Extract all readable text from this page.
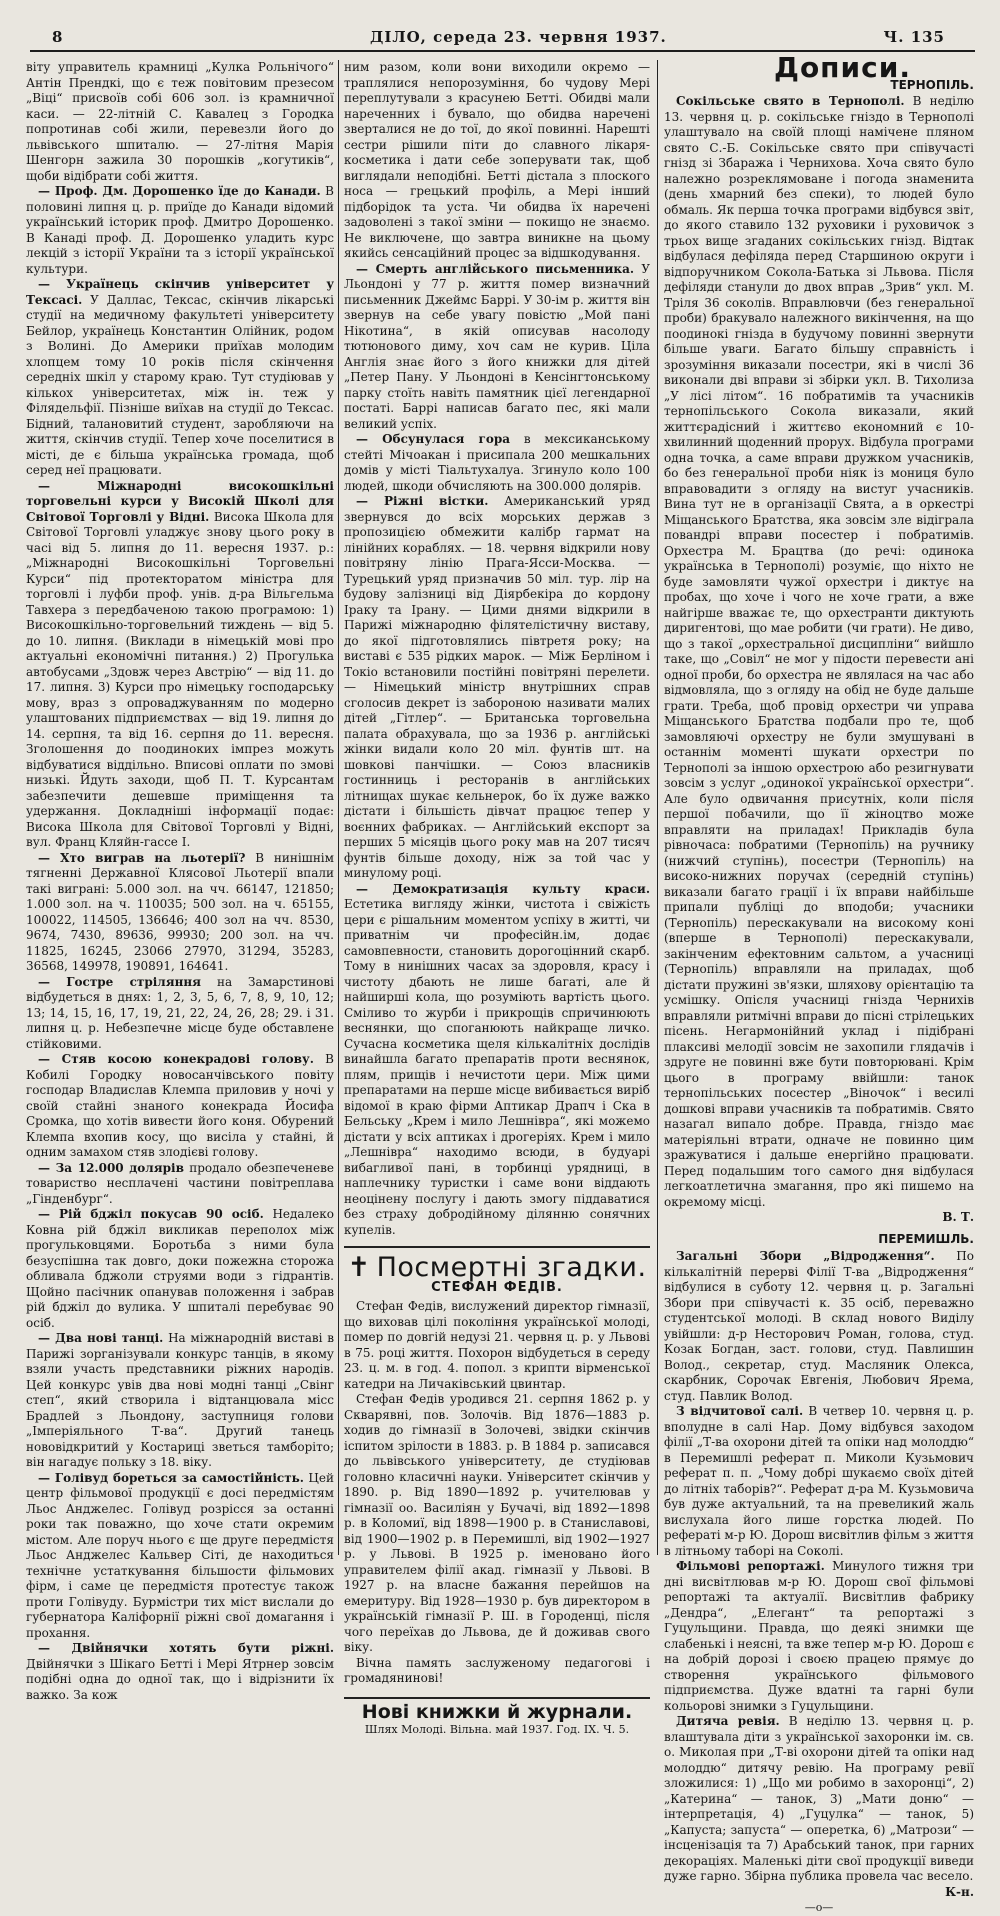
8	ДІЛО, середа 23. червня 1937.	Ч. 135

віту управитель крамниці „Кулка Рольнічого“ Антін Прендкі, що є теж повітовим презесом „Віці“ присвоїв собі 606 зол. із крамничної каси. — 22-літній С. Кавалец з Городка попротинав собі жили, перевезли його до львівського шпиталю. — 27-літня Марія Шенгорн зажила 30 порошків „когутиків“, щоби відібрати собі життя.

— Проф. Дм. Дорошенко їде до Канади. В половині липня ц. р. приїде до Канади відомий український історик проф. Дмитро Дорошенко. В Канаді проф. Д. Дорошенко уладить курс лекцій з історії України та з історії української культури.

— Українець скінчив університет у Тексасі. У Даллас, Тексас, скінчив лікарські студії на медичному факультеті університету Бейлор, українець Константин Олійник, родом з Волині. До Америки приїхав молодим хлопцем тому 10 років після скінчення середніх шкіл у старому краю. Тут студіював у кількох університетах, між ін. теж у Філядельфії. Пізніше виїхав на студії до Тексас. Бідний, талановитий студент, заробляючи на життя, скінчив студії. Тепер хоче поселитися в місті, де є більша українська громада, щоб серед неї працювати.

— Міжнародні високошкільні торговельні курси у Високій Школі для Світової Торговлі у Відні. Висока Школа для Світової Торговлі уладжує знову цього року в часі від 5. липня до 11. вересня 1937. р.: „Міжнародні Високошкільні Торговельні Курси“ під протекторатом міністра для торговлі і луфби проф. унів. д-ра Вільгельма Тавхера з передбаченою такою програмою: 1) Високошкільно-торговельний тиждень — від 5. до 10. липня. (Виклади в німецькій мові про актуальні економічні питання.) 2) Прогулька автобусами „Здовж через Австрію“ — від 11. до 17. липня. 3) Курси про німецьку господарську мову, враз з опроваджуванням по модерно улаштованих підприємствах — від 19. липня до 14. серпня, та від 16. серпня до 11. вересня. Зголошення до поодиноких імпрез можуть відбуватися віддільно. Вписові оплати по змові низькі. Йдуть заходи, щоб П. Т. Курсантам забезпечити дешевше приміщення та удержання. Докладніші інформації подає: Висока Школа для Світової Торговлі у Відні, вул. Франц Кляйн-гассе І.

— Хто виграв на льотерії? В нинішнім тягненні Державної Клясової Льотерії впали такі виграні: 5.000 зол. на чч. 66147, 121850; 1.000 зол. на ч. 110035; 500 зол. на ч. 65155, 100022, 114505, 136646; 400 зол на чч. 8530, 9674, 7430, 89636, 99930; 200 зол. на чч. 11825, 16245, 23066 27970, 31294, 35283, 36568, 149978, 190891, 164641.

— Гостре стріляння на Замарстинові відбудеться в днях: 1, 2, 3, 5, 6, 7, 8, 9, 10, 12; 13; 14, 15, 16, 17, 19, 21, 22, 24, 26, 28; 29. і 31. липня ц. р. Небезпечне місце буде обставлене стійковими.

— Стяв косою конекрадові голову. В Кобилі Городку новосанчівського повіту господар Владислав Клемпа приловив у ночі у своїй стайні знаного конекрада Йосифа Сромка, що хотів вивести його коня. Обурений Клемпа вхопив косу, що висіла у стайні, й одним замахом стяв злодієві голову.

— За 12.000 долярів продало обезпеченеве товариство несплачені частини повітреплава „Гінденбург“.

— Рій бджіл покусав 90 осіб. Недалеко Ковна рій бджіл викликав переполох між прогульковцями. Боротьба з ними була безуспішна так довго, доки пожежна сторожа обливала бджоли струями води з гідрантів. Щойно пасічник опанував положення і забрав рій бджіл до вулика. У шпиталі перебуває 90 осіб.

— Два нові танці. На міжнародній виставі в Парижі зорганізували конкурс танців, в якому взяли участь представники ріжних народів. Цей конкурс увів два нові модні танці „Свінг степ“, який створила і відтанцювала місс Брадлей з Льондону, заступниця голови „Імперіяльного Т-ва“. Другий танець нововідкритий у Костариці зветься тамборіто; він нагадує польку з 18. віку.

— Голівуд бореться за самостійність. Цей центр фільмової продукції є досі передмістям Льос Анджелес. Голівуд розрісся за останні роки так поважно, що хоче стати окремим містом. Але поруч нього є ще друге передмістя Льос Анджелес Кальвер Сіті, де находиться технічне устаткування більшости фільмових фірм, і саме це передмістя протестує також проти Голівуду. Бурмістри тих міст вислали до губернатора Каліфорнії ріжні свої домагання і прохання.

— Двійнячки хотять бути ріжні. Двійнячки з Шікаго Бетті і Мері Ятрнер зовсім подібні одна до одної так, що і відрізнити їх важко. За кож

ним разом, коли вони виходили окремо — траплялися непорозуміння, бо чудову Мері переплутували з красунею Бетті. Обидві мали нареченних і бувало, що обидва наречені зверталися не до тої, до якої повинні. Нарешті сестри рішили піти до славного лікаря-косметика і дати себе зоперувати так, щоб виглядали неподібні. Беттi дістала з плоского носа — грецький профіль, а Мері інший підборідок та уста. Чи обидва їх наречені задоволені з такої зміни — покищо не знаємо. Не виключене, що завтра виникне на цьому якийсь сенсаційний процес за відшкодування.

— Смерть англійського письменника. У Льондоні у 77 р. життя помер визначний письменник Джеймс Баррі. У 30-ім р. життя він звернув на себе увагу повістю „Мой пані Нікотина“, в якій описував насолоду тютюнового диму, хоч сам не курив. Ціла Англія знає його з його книжки для дітей „Петер Пану. У Льондоні в Кенсінгтонському парку стоїть навіть памятник цієї легендарної постаті. Баррі написав багато пес, які мали великий успіх.

— Обсунулася гора в мексиканському стейті Мічоакан і присипала 200 мешкальних домів у місті Тіальтухалуа. Згинуло коло 100 людей, шкоди обчисляють на 300.000 долярів.

— Ріжні вістки. Американський уряд звернувся до всіх морських держав з пропозицією обмежити калібр гармат на лінійних кораблях. — 18. червня відкрили нову повітряну лінію Прага-Ясси-Москва. — Турецький уряд призначив 50 міл. тур. лір на будову залізниці від Діярбекіра до кордону Іраку та Ірану. — Цими днями відкрили в Парижі міжнародню філятелістичну виставу, до якої підготовлялись півтретя року; на виставі є 535 рідких марок. — Між Берліном і Токіо встановили постійні повітряні перелети. — Німецький міністр внутрішних справ сголосив декрет із забороною називати малих дітей „Гітлер“. — Британська торговельна палата обрахувала, що за 1936 р. англійські жінки видали коло 20 міл. фунтів шт. на шовкові панчішки. — Союз власників гостинниць і ресторанів в англійських літнищах шукає кельнерок, бо їх дуже важко дістати і більшість дівчат працює тепер у воєнних фабриках. — Англійський експорт за перших 5 місяців цього року мав на 207 тисяч фунтів більше доходу, ніж за той час у минулому році.

— Демократизація культу краси. Естетика вигляду жінки, чистота і свіжість цери є рішальним моментом успіху в житті, чи приватнім чи професійн.ім, додає самовпевности, становить дорогоцінний скарб. Тому в нинішних часах за здоровля, красу і чистоту дбають не лише багаті, але й найширші кола, що розуміють вартість цього. Сміливо то журби і прикрощів спричинюють веснянки, що споганюють найкраще личко. Сучасна косметика щеля кількалітніх дослідів винайшла багато препаратів проти веснянок, плям, прищів і нечистоти цери. Між цими препаратами на перше місце вибивається виріб відомої в краю фірми Аптикар Драпч і Ска в Бельську „Крем і мило Лешнівра“, які можемо дістати у всіх аптиках і дрогеріях. Крем і мило „Лешнівра“ находимо всюди, в будуарі вибагливої пані, в торбинці урядниці, в наплечнику туристки і саме вони віддають неоцінену послугу і дають змогу піддаватися без страху добродійному ділянню сонячних купелів.

✝ Посмертні згадки.
СТЕФАН ФЕДІВ.

Стефан Федів, вислужений директор гімназії, що виховав цілі покоління української молоді, помер по довгій недузі 21. червня ц. р. у Львові в 75. році життя. Похорон відбудеться в середу 23. ц. м. в год. 4. попол. з крипти вірменської катедри на Личаківський цвинтар.

Стефан Федів уродився 21. серпня 1862 р. у Скварявні, пов. Золочів. Від 1876—1883 р. ходив до гімназії в Золочеві, звідки скінчив іспитом зрілости в 1883. р. В 1884 р. записався до львівського університету, де студіював головно класичні науки. Університет скінчив у 1890. р. Від 1890—1892 р. учителював у гімназії оо. Василіян у Бучачі, від 1892—1898 р. в Коломиї, від 1898—1900 р. в Станиславові, від 1900—1902 р. в Перемишлі, від 1902—1927 р. у Львові. В 1925 р. іменовано його управителем філії акад. гімназії у Львові. В 1927 р. на власне бажання перейшов на емеритуру. Від 1928—1930 р. був директором в українській гімназії Р. Ш. в Городенці, після чого переїхав до Львова, де й доживав свого віку.

Вічна память заслуженому педагогові і громадянинові!

Нові книжки й журнали.
Шлях Молоді. Вільна. май 1937. Год. IX. Ч. 5.
Дописи.
ТЕРНОПІЛЬ.

Сокільське свято в Тернополі. В неділю 13. червня ц. р. сокільське гніздо в Тернополі улаштувало на своїй площі намічене пляном свято С.-Б. Сокільське свято при співучасті гнізд зі Збаража і Чернихова. Хоча свято було належно розреклямоване і погода знаменита (день хмарний без спеки), то людей було обмаль. Як перша точка програми відбувся звіт, до якого ставило 132 руховики і руховичок з трьох вище згаданих сокільських гнізд. Відтак відбулася дефіляда перед Старшиною округи і відпоручником Сокола-Батька зі Львова. Після дефіляди станули до двох вправ „Зрив“ укл. М. Тріля 36 соколів. Вправлювчи (без генеральної проби) бракувало належного викінчення, на що поодинокі гнізда в будучому повинні звернути більше уваги. Багато більшу справність і зрозуміння виказали посестри, які в числі 36 виконали дві вправи зі збірки укл. В. Тихолиза „У лісі літом“. 16 побратимів та учасників тернопільського Сокола виказали, який життєрадісний і життєво економний є 10-хвилинний щоденний прорух. Відбула програми одна точка, а саме вправи дружком учасників, бо без генеральної проби ніяк із мониця було вправовадити з огляду на вистуг учасників. Вина тут не в організації Свята, а в оркестрі Міщанського Братства, яка зовсім зле відіграла повандрі вправи посестер і побратимів. Орхестра М. Брацтва (до речі: одинока українська в Тернополі) розуміє, що ніхто не буде замовляти чужої орхестри і диктує на пробах, що хоче і чого не хоче грати, а вже найгірше вважає те, що орхестранти диктують диригентові, що мае робити (чи грати). Не диво, що з такої „орхестральної дисципліни“ вийшло таке, що „Совіл“ не мог у підости перевести ані одної проби, бо орхестра не являлася на час або відмовляла, що з огляду на обід не буде дальше грати. Треба, щоб провід орхестри чи управа Міщанського Братства подбали про те, щоб замовляючі орхестру не були змушувані в останнім моменті шукати орхестри по Тернополі за іншою орхестрою або резигнувати зовсім з услуг „одинокої української орхестри“. Але було одвичання присутніх, коли після першої побачили, що її жіноцтво може вправляти на приладах! Прикладів була рівночаса: побратими (Тернопіль) на ручнику (нижчий ступінь), посестри (Тернопіль) на високо-нижних поручах (середній ступінь) виказали багато грації і їх вправи найбільше припали публіці до вподоби; учасники (Тернопіль) перескакували на високому коні (вперше в Тернополі) перескакували, закінченим ефектовним сальтом, а учасниці (Тернопіль) вправляли на приладах, щоб дістати пружині зв'язки, шляхову орієнтацію та усмішку. Опісля учасниці гнізда Чернихів вправляли ритмічні вправи до пісні стрілецьких пісень. Негармонійний уклад і підібрані плаксиві мелодії зовсім не захопили глядачів і здруге не повинні вже бути повторювані. Крім цього в програму ввійшли: танок тернопільських посестер „Віночок“ і весилі дошкові вправи учасників та побратимів. Свято назагал випало добре. Правда, гніздо має матеріяльні втрати, одначе не повинно цим зражуватися і дальше енергійно працювати. Перед подальшим того самого дня відбулася легкоатлетична змагання, про які пишемо на окремому місці.

В. Т.
ПЕРЕМИШЛЬ.

Загальні Збори „Відродження“. По кількалітній перерві Філії Т-ва „Відродження“ відбулися в суботу 12. червня ц. р. Загальні Збори при співучасті к. 35 осіб, переважно студентської молоді. В склад нового Виділу увійшли: д-р Несторович Роман, голова, студ. Козак Богдан, заст. голови, студ. Павлишин Волод., секретар, студ. Масляник Олекса, скарбник, Сорочак Евгенія, Любович Ярема, студ. Павлик Волод.

З відчитової салі. В четвер 10. червня ц. р. вполудне в салі Нар. Дому відбувся заходом філії „Т-ва охорони дітей та опіки над молоддю“ в Перемишлі реферат п. Миколи Кузьмович реферат п. п. „Чому добрі шукаємо своїх дітей до літніх таборів?“. Реферат д-ра М. Кузьмовича був дуже актуальний, та на превеликий жаль вислухала його лише горстка людей. По рефераті м-р Ю. Дорош висвітлив фільм з життя в літньому таборі на Соколі.

Фільмові репортажі. Минулого тижня три дні висвітлював м-р Ю. Дорош свої фільмові репортажі та актуалії. Висвітлив фабрику „Дендра“, „Елегант“ та репортажі з Гуцульщини. Правда, що деякі знимки ще слабенькі і неясні, та вже тепер м-р Ю. Дорош є на добрій дорозі і своєю працею прямує до створення українського фільмового підприємства. Дуже вдатні та гарні були кольорові знимки з Гуцульщини.

Дитяча ревія. В неділю 13. червня ц. р. влаштувала діти з української захоронки ім. св. о. Миколая при „Т-ві охорони дітей та опіки над молоддю“ дитячу ревію. На програму ревії зложилися: 1) „Що ми робимо в захоронці“, 2) „Катерина“ — танок, 3) „Мати доню“ — інтерпретація, 4) „Гуцулка“ — танок, 5) „Капуста; запуста“ — оперетка, 6) „Матрози“ — інсценізація та 7) Арабський танок, при гарних декораціях. Маленькі діти свої продукції виведи дуже гарно. Збірна публика провела час весело.

К-н.
—о—
